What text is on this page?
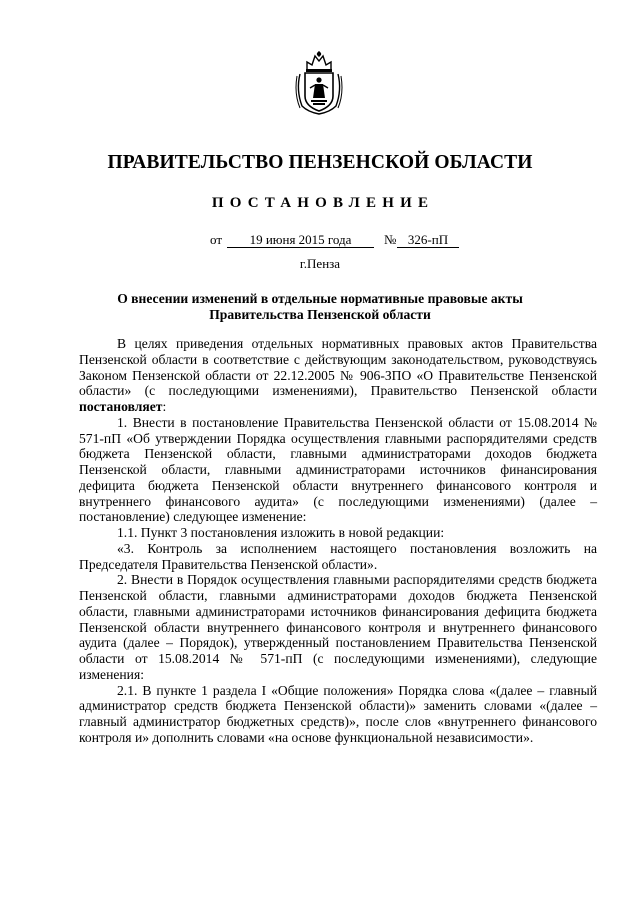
ПРАВИТЕЛЬСТВО ПЕНЗЕНСКОЙ ОБЛАСТИ
ПОСТАНОВЛЕНИЕ
от	19 июня 2015 года	№ 326-пП
г.Пенза
О внесении изменений в отдельные нормативные правовые акты
Правительства Пензенской области

В целях приведения отдельных нормативных правовых актов Правительства Пензенской области в соответствие с действующим законодательством, руководствуясь Законом Пензенской области от 22.12.2005 № 906-ЗПО «О Правительстве Пензенской области» (с последующими изменениями), Правительство Пензенской области постановляет:

1. Внести в постановление Правительства Пензенской области от 15.08.2014 № 571-пП «Об утверждении Порядка осуществления главными распорядителями средств бюджета Пензенской области, главными администраторами доходов бюджета Пензенской области, главными администраторами источников финансирования дефицита бюджета Пензенской области внутреннего финансового контроля и внутреннего финансового аудита» (с последующими изменениями) (далее – постановление) следующее изменение:

1.1. Пункт 3 постановления изложить в новой редакции:

«3. Контроль за исполнением настоящего постановления возложить на Председателя Правительства Пензенской области».

2. Внести в Порядок осуществления главными распорядителями средств бюджета Пензенской области, главными администраторами доходов бюджета Пензенской области, главными администраторами источников финансирования дефицита бюджета Пензенской области внутреннего финансового контроля и внутреннего финансового аудита (далее – Порядок), утвержденный постановлением Правительства Пензенской области от 15.08.2014 № 571-пП (с последующими изменениями), следующие изменения:

2.1. В пункте 1 раздела I «Общие положения» Порядка слова «(далее – главный администратор средств бюджета Пензенской области)» заменить словами «(далее – главный администратор бюджетных средств)», после слов «внутреннего финансового контроля и» дополнить словами «на основе функциональной независимости».
